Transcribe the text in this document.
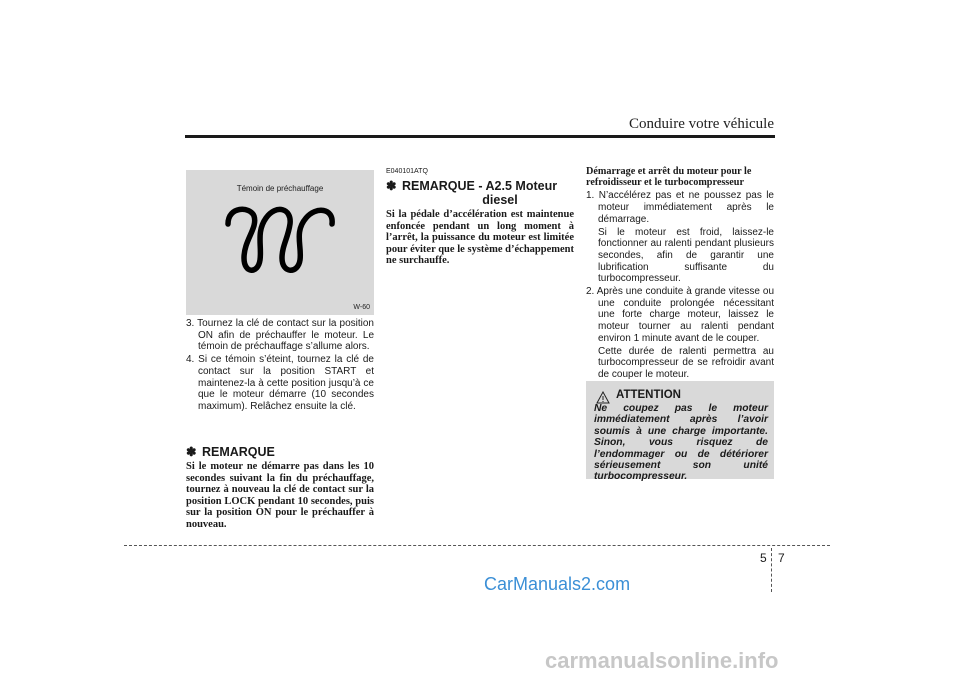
Conduire votre véhicule
Témoin de préchauffage
W-60
3. Tournez la clé de contact sur la position ON afin de préchauffer le moteur. Le témoin de préchauffage s’allume alors.
4. Si ce témoin s’éteint, tournez la clé de contact sur la position START et maintenez-la à cette position jusqu’à ce que le moteur démarre (10 secondes maximum). Relâchez ensuite la clé.
✽ REMARQUE
Si le moteur ne démarre pas dans les 10 secondes suivant la fin du préchauffage, tournez à nouveau la clé de contact sur la position LOCK pendant 10 secondes, puis sur la position ON pour le préchauffer à nouveau.
E040101ATQ
✽ REMARQUE - A2.5 Moteur
diesel
Si la pédale d’accélération est maintenue enfoncée pendant un long moment à l’arrêt, la puissance du moteur est limitée pour éviter que le système d’échappement ne surchauffe.
Démarrage et arrêt du moteur pour le refroidisseur et le turbocompresseur
1. N’accélérez pas et ne poussez pas le moteur immédiatement après le démarrage.
Si le moteur est froid, laissez-le fonctionner au ralenti pendant plusieurs secondes, afin de garantir une lubrification suffisante du turbocompresseur.
2. Après une conduite à grande vitesse ou une conduite prolongée nécessitant une forte charge moteur, laissez le moteur tourner au ralenti pendant environ 1 minute avant de le couper.
Cette durée de ralenti permettra au turbocompresseur de se refroidir avant de couper le moteur.
ATTENTION
Ne coupez pas le moteur immédiatement après l’avoir soumis à une charge importante. Sinon, vous risquez de l’endommager ou de détériorer sérieusement son unité turbocompresseur.
5 7
CarManuals2.com
carmanualsonline.info
